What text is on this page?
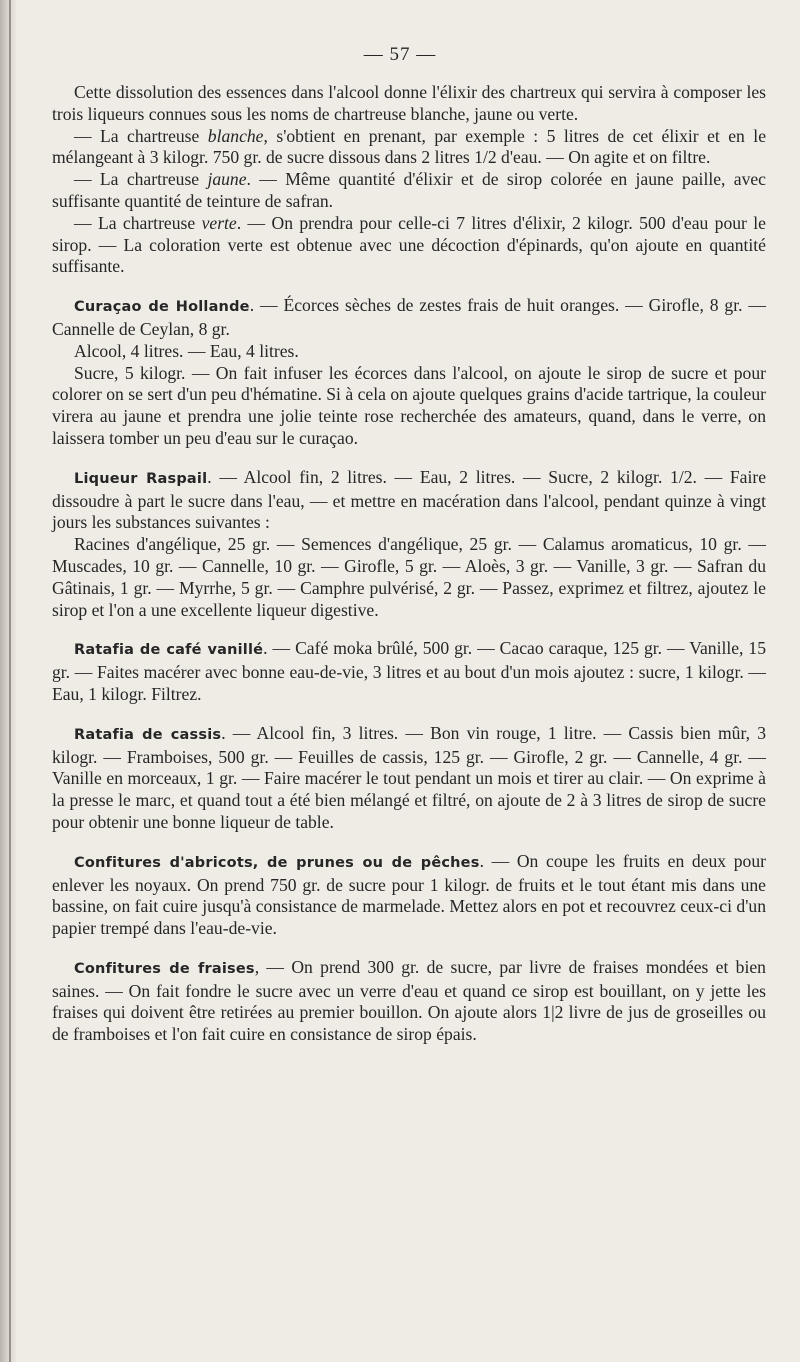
— 57 —

Cette dissolution des essences dans l'alcool donne l'élixir des chartreux qui servira à composer les trois liqueurs connues sous les noms de chartreuse blanche, jaune ou verte.

— La chartreuse blanche, s'obtient en prenant, par exemple : 5 litres de cet élixir et en le mélangeant à 3 kilogr. 750 gr. de sucre dissous dans 2 litres 1/2 d'eau. — On agite et on filtre.

— La chartreuse jaune. — Même quantité d'élixir et de sirop colorée en jaune paille, avec suffisante quantité de teinture de safran.

— La chartreuse verte. — On prendra pour celle-ci 7 litres d'élixir, 2 kilogr. 500 d'eau pour le sirop. — La coloration verte est obtenue avec une décoction d'épinards, qu'on ajoute en quantité suffisante.

Curaçao de Hollande. — Écorces sèches de zestes frais de huit oranges. — Girofle, 8 gr. — Cannelle de Ceylan, 8 gr.

Alcool, 4 litres. — Eau, 4 litres.

Sucre, 5 kilogr. — On fait infuser les écorces dans l'alcool, on ajoute le sirop de sucre et pour colorer on se sert d'un peu d'hématine. Si à cela on ajoute quelques grains d'acide tartrique, la couleur virera au jaune et prendra une jolie teinte rose recherchée des amateurs, quand, dans le verre, on laissera tomber un peu d'eau sur le curaçao.

Liqueur Raspail. — Alcool fin, 2 litres. — Eau, 2 litres. — Sucre, 2 kilogr. 1/2. — Faire dissoudre à part le sucre dans l'eau, — et mettre en macération dans l'alcool, pendant quinze à vingt jours les substances suivantes :

Racines d'angélique, 25 gr. — Semences d'angélique, 25 gr. — Calamus aromaticus, 10 gr. — Muscades, 10 gr. — Cannelle, 10 gr. — Girofle, 5 gr. — Aloès, 3 gr. — Vanille, 3 gr. — Safran du Gâtinais, 1 gr. — Myrrhe, 5 gr. — Camphre pulvérisé, 2 gr. — Passez, exprimez et filtrez, ajoutez le sirop et l'on a une excellente liqueur digestive.

Ratafia de café vanillé. — Café moka brûlé, 500 gr. — Cacao caraque, 125 gr. — Vanille, 15 gr. — Faites macérer avec bonne eau-de-vie, 3 litres et au bout d'un mois ajoutez : sucre, 1 kilogr. — Eau, 1 kilogr. Filtrez.

Ratafia de cassis. — Alcool fin, 3 litres. — Bon vin rouge, 1 litre. — Cassis bien mûr, 3 kilogr. — Framboises, 500 gr. — Feuilles de cassis, 125 gr. — Girofle, 2 gr. — Cannelle, 4 gr. — Vanille en morceaux, 1 gr. — Faire macérer le tout pendant un mois et tirer au clair. — On exprime à la presse le marc, et quand tout a été bien mélangé et filtré, on ajoute de 2 à 3 litres de sirop de sucre pour obtenir une bonne liqueur de table.

Confitures d'abricots, de prunes ou de pêches. — On coupe les fruits en deux pour enlever les noyaux. On prend 750 gr. de sucre pour 1 kilogr. de fruits et le tout étant mis dans une bassine, on fait cuire jusqu'à consistance de marmelade. Mettez alors en pot et recouvrez ceux-ci d'un papier trempé dans l'eau-de-vie.

Confitures de fraises, — On prend 300 gr. de sucre, par livre de fraises mondées et bien saines. — On fait fondre le sucre avec un verre d'eau et quand ce sirop est bouillant, on y jette les fraises qui doivent être retirées au premier bouillon. On ajoute alors 1|2 livre de jus de groseilles ou de framboises et l'on fait cuire en consistance de sirop épais.
